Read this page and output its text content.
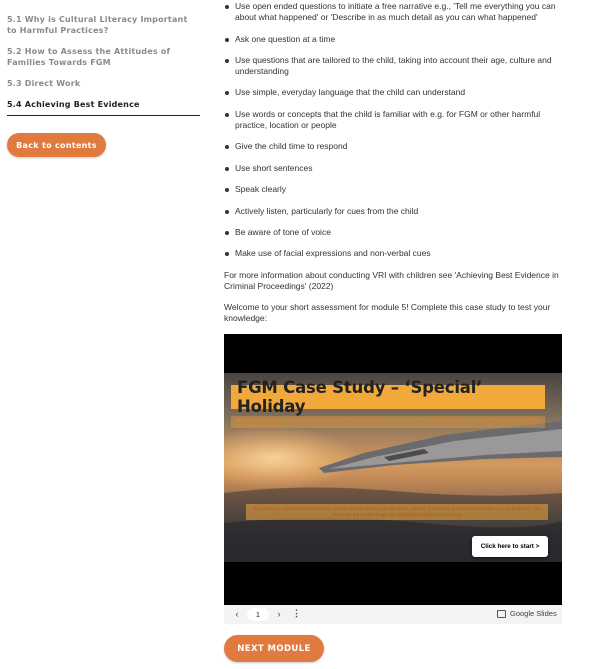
5.1 Why is Cultural Literacy Important to Harmful Practices?
5.2 How to Assess the Attitudes of Families Towards FGM
5.3 Direct Work
5.4 Achieving Best Evidence
Back to contents
Use open ended questions to initiate a free narrative e.g., 'Tell me everything you can about what happened' or 'Describe in as much detail as you can what happened'
Ask one question at a time
Use questions that are tailored to the child, taking into account their age, culture and understanding
Use simple, everyday language that the child can understand
Use words or concepts that the child is familiar with e.g. for FGM or other harmful practice, location or people
Give the child time to respond
Use short sentences
Speak clearly
Actively listen, particularly for cues from the child
Be aware of tone of voice
Make use of facial expressions and non-verbal cues

For more information about conducting VRI with children see 'Achieving Best Evidence in Criminal Proceedings' (2022)

Welcome to your short assessment for module 5! Complete this case study to test your knowledge:

FGM Case Study – ‘Special’ Holiday
This case study has been based on an actual case in Hillingdon. It can be used by any professional but focuses on the role of the school safeguarding lead and social worker.
To ensure you get the best experience, please click the buttons on the slides, instead of using the arrow keys/spacebar on your keyboard. You can make the screen bigger by clicking the square button below.
Click here to start >
‹	1	›	⋮	Google Slides
NEXT MODULE
